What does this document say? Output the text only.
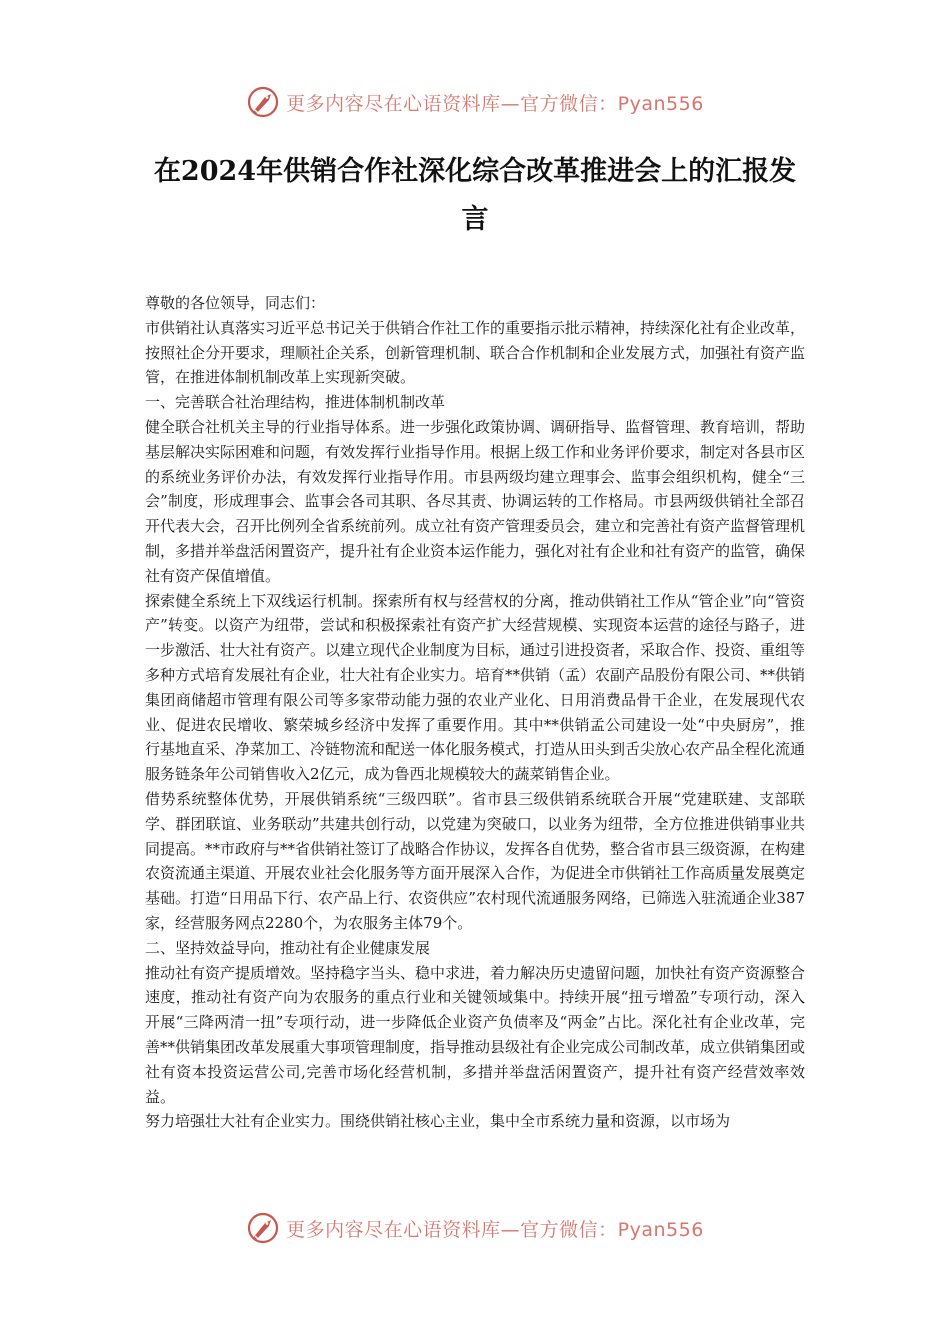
更多内容尽在心语资料库—官方微信：Pyan556
在2024年供销合作社深化综合改革推进会上的汇报发言

尊敬的各位领导，同志们：

市供销社认真落实习近平总书记关于供销合作社工作的重要指示批示精神，持续深化社有企业改革，按照社企分开要求，理顺社企关系，创新管理机制、联合合作机制和企业发展方式，加强社有资产监管，在推进体制机制改革上实现新突破。

一、完善联合社治理结构，推进体制机制改革

健全联合社机关主导的行业指导体系。进一步强化政策协调、调研指导、监督管理、教育培训，帮助基层解决实际困难和问题，有效发挥行业指导作用。根据上级工作和业务评价要求，制定对各县市区的系统业务评价办法，有效发挥行业指导作用。市县两级均建立理事会、监事会组织机构，健全“三会”制度，形成理事会、监事会各司其职、各尽其责、协调运转的工作格局。市县两级供销社全部召开代表大会，召开比例列全省系统前列。成立社有资产管理委员会，建立和完善社有资产监督管理机制，多措并举盘活闲置资产，提升社有企业资本运作能力，强化对社有企业和社有资产的监管，确保社有资产保值增值。

探索健全系统上下双线运行机制。探索所有权与经营权的分离，推动供销社工作从“管企业”向“管资产”转变。以资产为纽带，尝试和积极探索社有资产扩大经营规模、实现资本运营的途径与路子，进一步激活、壮大社有资产。以建立现代企业制度为目标，通过引进投资者，采取合作、投资、重组等多种方式培育发展社有企业，壮大社有企业实力。培育**供销（孟）农副产品股份有限公司、**供销集团商储超市管理有限公司等多家带动能力强的农业产业化、日用消费品骨干企业，在发展现代农业、促进农民增收、繁荣城乡经济中发挥了重要作用。其中**供销孟公司建设一处“中央厨房”，推行基地直采、净菜加工、冷链物流和配送一体化服务模式，打造从田头到舌尖放心农产品全程化流通服务链条年公司销售收入2亿元，成为鲁西北规模较大的蔬菜销售企业。

借势系统整体优势，开展供销系统“三级四联”。省市县三级供销系统联合开展“党建联建、支部联学、群团联谊、业务联动”共建共创行动，以党建为突破口，以业务为纽带，全方位推进供销事业共同提高。**市政府与**省供销社签订了战略合作协议，发挥各自优势，整合省市县三级资源，在构建农资流通主渠道、开展农业社会化服务等方面开展深入合作，为促进全市供销社工作高质量发展奠定基础。打造“日用品下行、农产品上行、农资供应”农村现代流通服务网络，已筛选入驻流通企业387家，经营服务网点2280个，为农服务主体79个。

二、坚持效益导向，推动社有企业健康发展

推动社有资产提质增效。坚持稳字当头、稳中求进，着力解决历史遗留问题，加快社有资产资源整合速度，推动社有资产向为农服务的重点行业和关键领域集中。持续开展“扭亏增盈”专项行动，深入开展“三降两清一扭”专项行动，进一步降低企业资产负债率及“两金”占比。深化社有企业改革，完善**供销集团改革发展重大事项管理制度，指导推动县级社有企业完成公司制改革，成立供销集团或社有资本投资运营公司,完善市场化经营机制，多措并举盘活闲置资产，提升社有资产经营效率效益。

努力培强壮大社有企业实力。围绕供销社核心主业，集中全市系统力量和资源，以市场为

更多内容尽在心语资料库—官方微信：Pyan556
